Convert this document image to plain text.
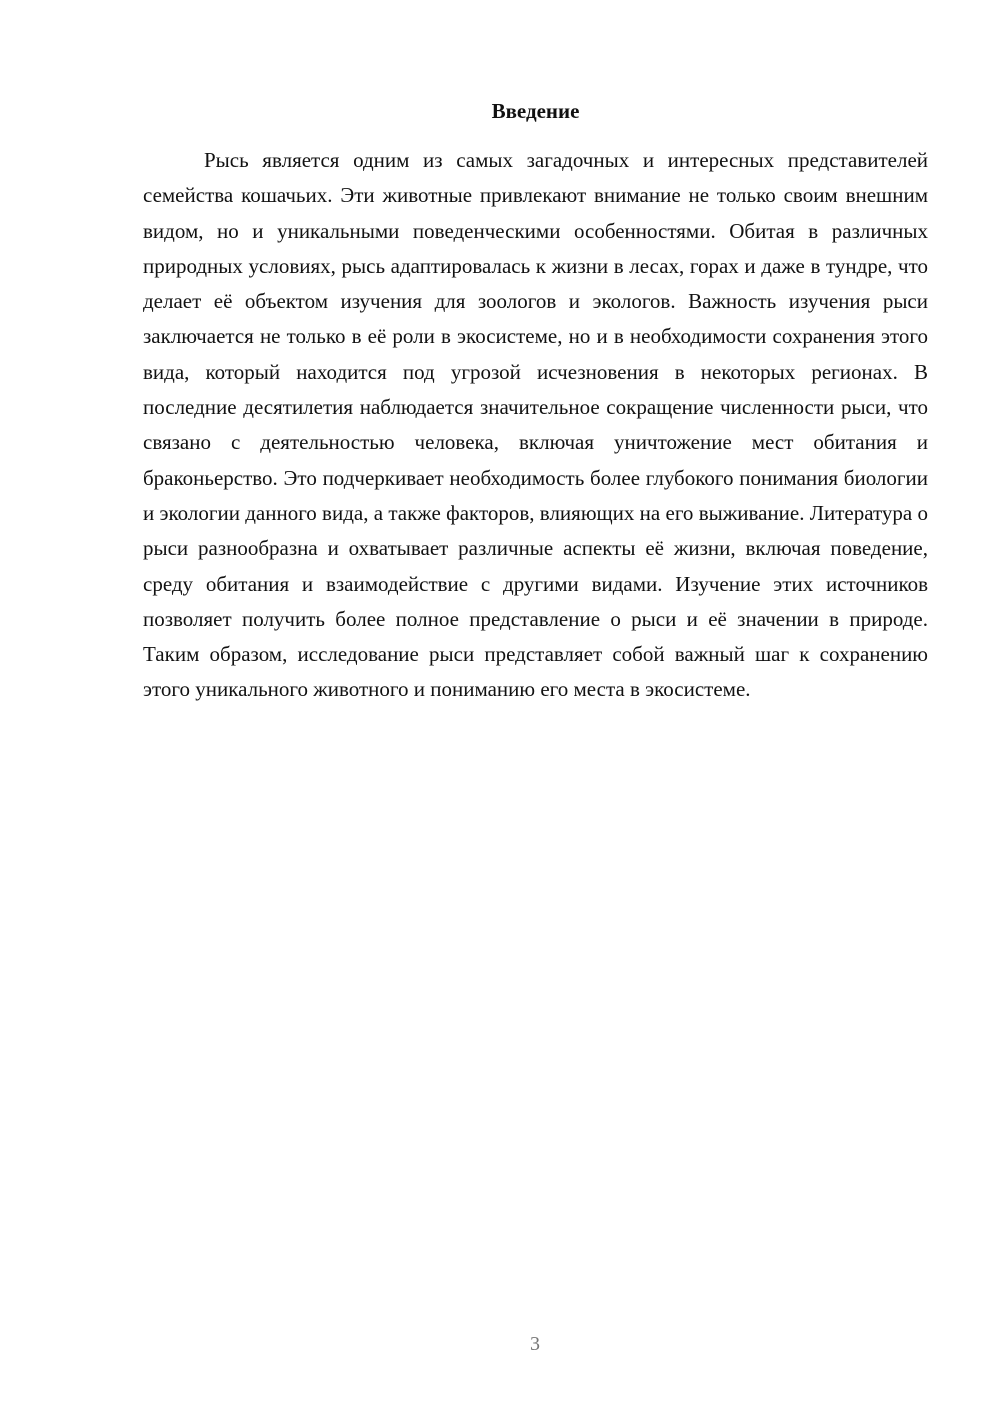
Введение

Рысь является одним из самых загадочных и интересных представителей семейства кошачьих. Эти животные привлекают внимание не только своим внешним видом, но и уникальными поведенческими особенностями. Обитая в различных природных условиях, рысь адаптировалась к жизни в лесах, горах и даже в тундре, что делает её объектом изучения для зоологов и экологов. Важность изучения рыси заключается не только в её роли в экосистеме, но и в необходимости сохранения этого вида, который находится под угрозой исчезновения в некоторых регионах. В последние десятилетия наблюдается значительное сокращение численности рыси, что связано с деятельностью человека, включая уничтожение мест обитания и браконьерство. Это подчеркивает необходимость более глубокого понимания биологии и экологии данного вида, а также факторов, влияющих на его выживание. Литература о рыси разнообразна и охватывает различные аспекты её жизни, включая поведение, среду обитания и взаимодействие с другими видами. Изучение этих источников позволяет получить более полное представление о рыси и её значении в природе. Таким образом, исследование рыси представляет собой важный шаг к сохранению этого уникального животного и пониманию его места в экосистеме.

3
